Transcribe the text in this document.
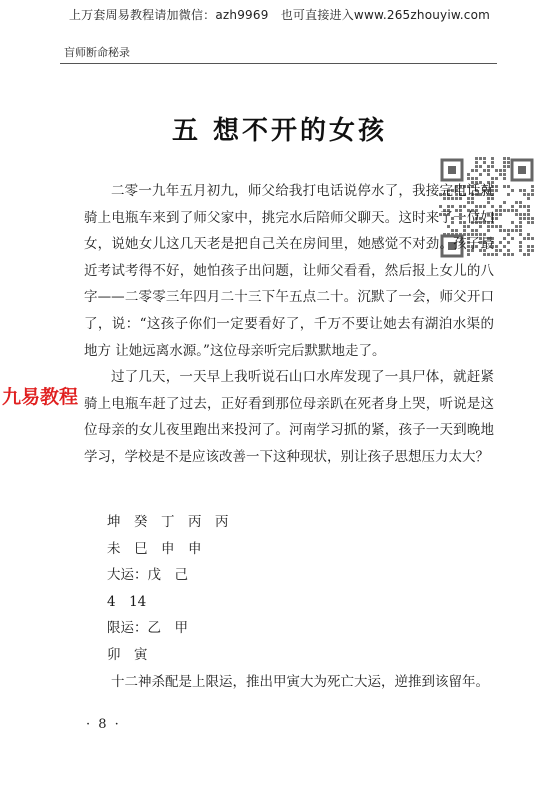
上万套周易教程请加微信：azh9969　也可直接进入www.265zhouyiw.com
盲师断命秘录
五 想不开的女孩
九易教程

二零一九年五月初九，师父给我打电话说停水了，我接完电话就骑上电瓶车来到了师父家中，挑完水后陪师父聊天。这时来了一位妇女，说她女儿这几天老是把自己关在房间里，她感觉不对劲。孩子最近考试考得不好，她怕孩子出问题，让师父看看，然后报上女儿的八字——二零零三年四月二十三下午五点二十。沉默了一会，师父开口了，说：“这孩子你们一定要看好了，千万不要让她去有湖泊水渠的地方 让她远离水源。”这位母亲听完后默默地走了。

过了几天，一天早上我听说石山口水库发现了一具尸体，就赶紧骑上电瓶车赶了过去，正好看到那位母亲趴在死者身上哭，听说是这位母亲的女儿夜里跑出来投河了。河南学习抓的紧，孩子一天到晚地学习，学校是不是应该改善一下这种现状，别让孩子思想压力太大？

坤　癸　丁　丙　丙
未　巳　申　申
大运：戊　己
4　14
限运：乙　甲
卯　寅

十二神杀配是上限运，推出甲寅大为死亡大运，逆推到该留年。

· 8 ·
